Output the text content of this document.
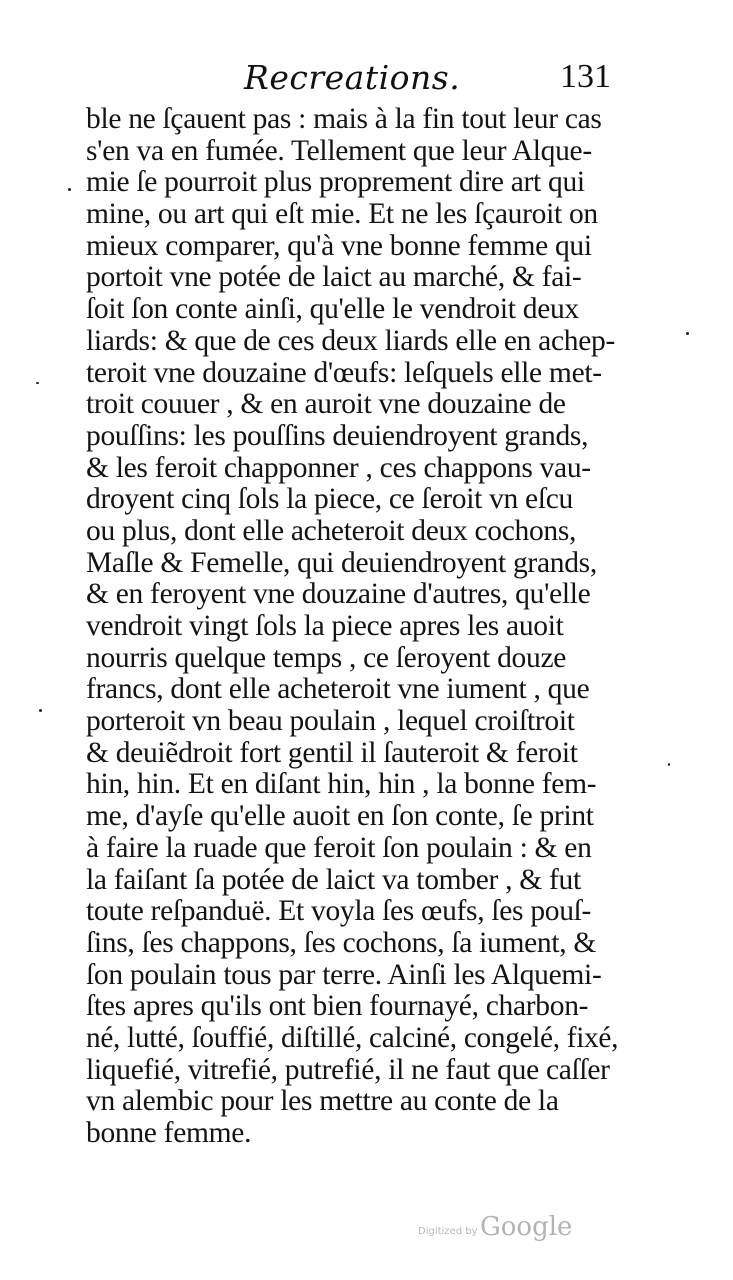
Recreations.	131
ble ne ſçauent pas : mais à la fin tout leur cas
s'en va en fumée. Tellement que leur Alque-
mie ſe pourroit plus proprement dire art qui
mine, ou art qui eſt mie. Et ne les ſçauroit on
mieux comparer, qu'à vne bonne femme qui
portoit vne potée de laict au marché, & fai-
ſoit ſon conte ainſi, qu'elle le vendroit deux
liards: & que de ces deux liards elle en achep-
teroit vne douzaine d'œufs: leſquels elle met-
troit couuer , & en auroit vne douzaine de
pouſſins: les pouſſins deuiendroyent grands,
& les feroit chapponner , ces chappons vau-
droyent cinq ſols la piece, ce ſeroit vn eſcu
ou plus, dont elle acheteroit deux cochons,
Maſle & Femelle, qui deuiendroyent grands,
& en feroyent vne douzaine d'autres, qu'elle
vendroit vingt ſols la piece apres les auoit
nourris quelque temps , ce ſeroyent douze
francs, dont elle acheteroit vne iument , que
porteroit vn beau poulain , lequel croiſtroit
& deuiẽdroit fort gentil il ſauteroit & feroit
hin, hin. Et en diſant hin, hin , la bonne fem-
me, d'ayſe qu'elle auoit en ſon conte, ſe print
à faire la ruade que feroit ſon poulain : & en
la faiſant ſa potée de laict va tomber , & fut
toute reſpanduë. Et voyla ſes œufs, ſes pouſ-
ſins, ſes chappons, ſes cochons, ſa iument, &
ſon poulain tous par terre. Ainſi les Alquemi-
ſtes apres qu'ils ont bien fournayé, charbon-
né, lutté, ſouffié, diſtillé, calciné, congelé, fixé,
liquefié, vitrefié, putrefié, il ne faut que caſſer
vn alembic pour les mettre au conte de la
bonne femme.
Digitized by Google
